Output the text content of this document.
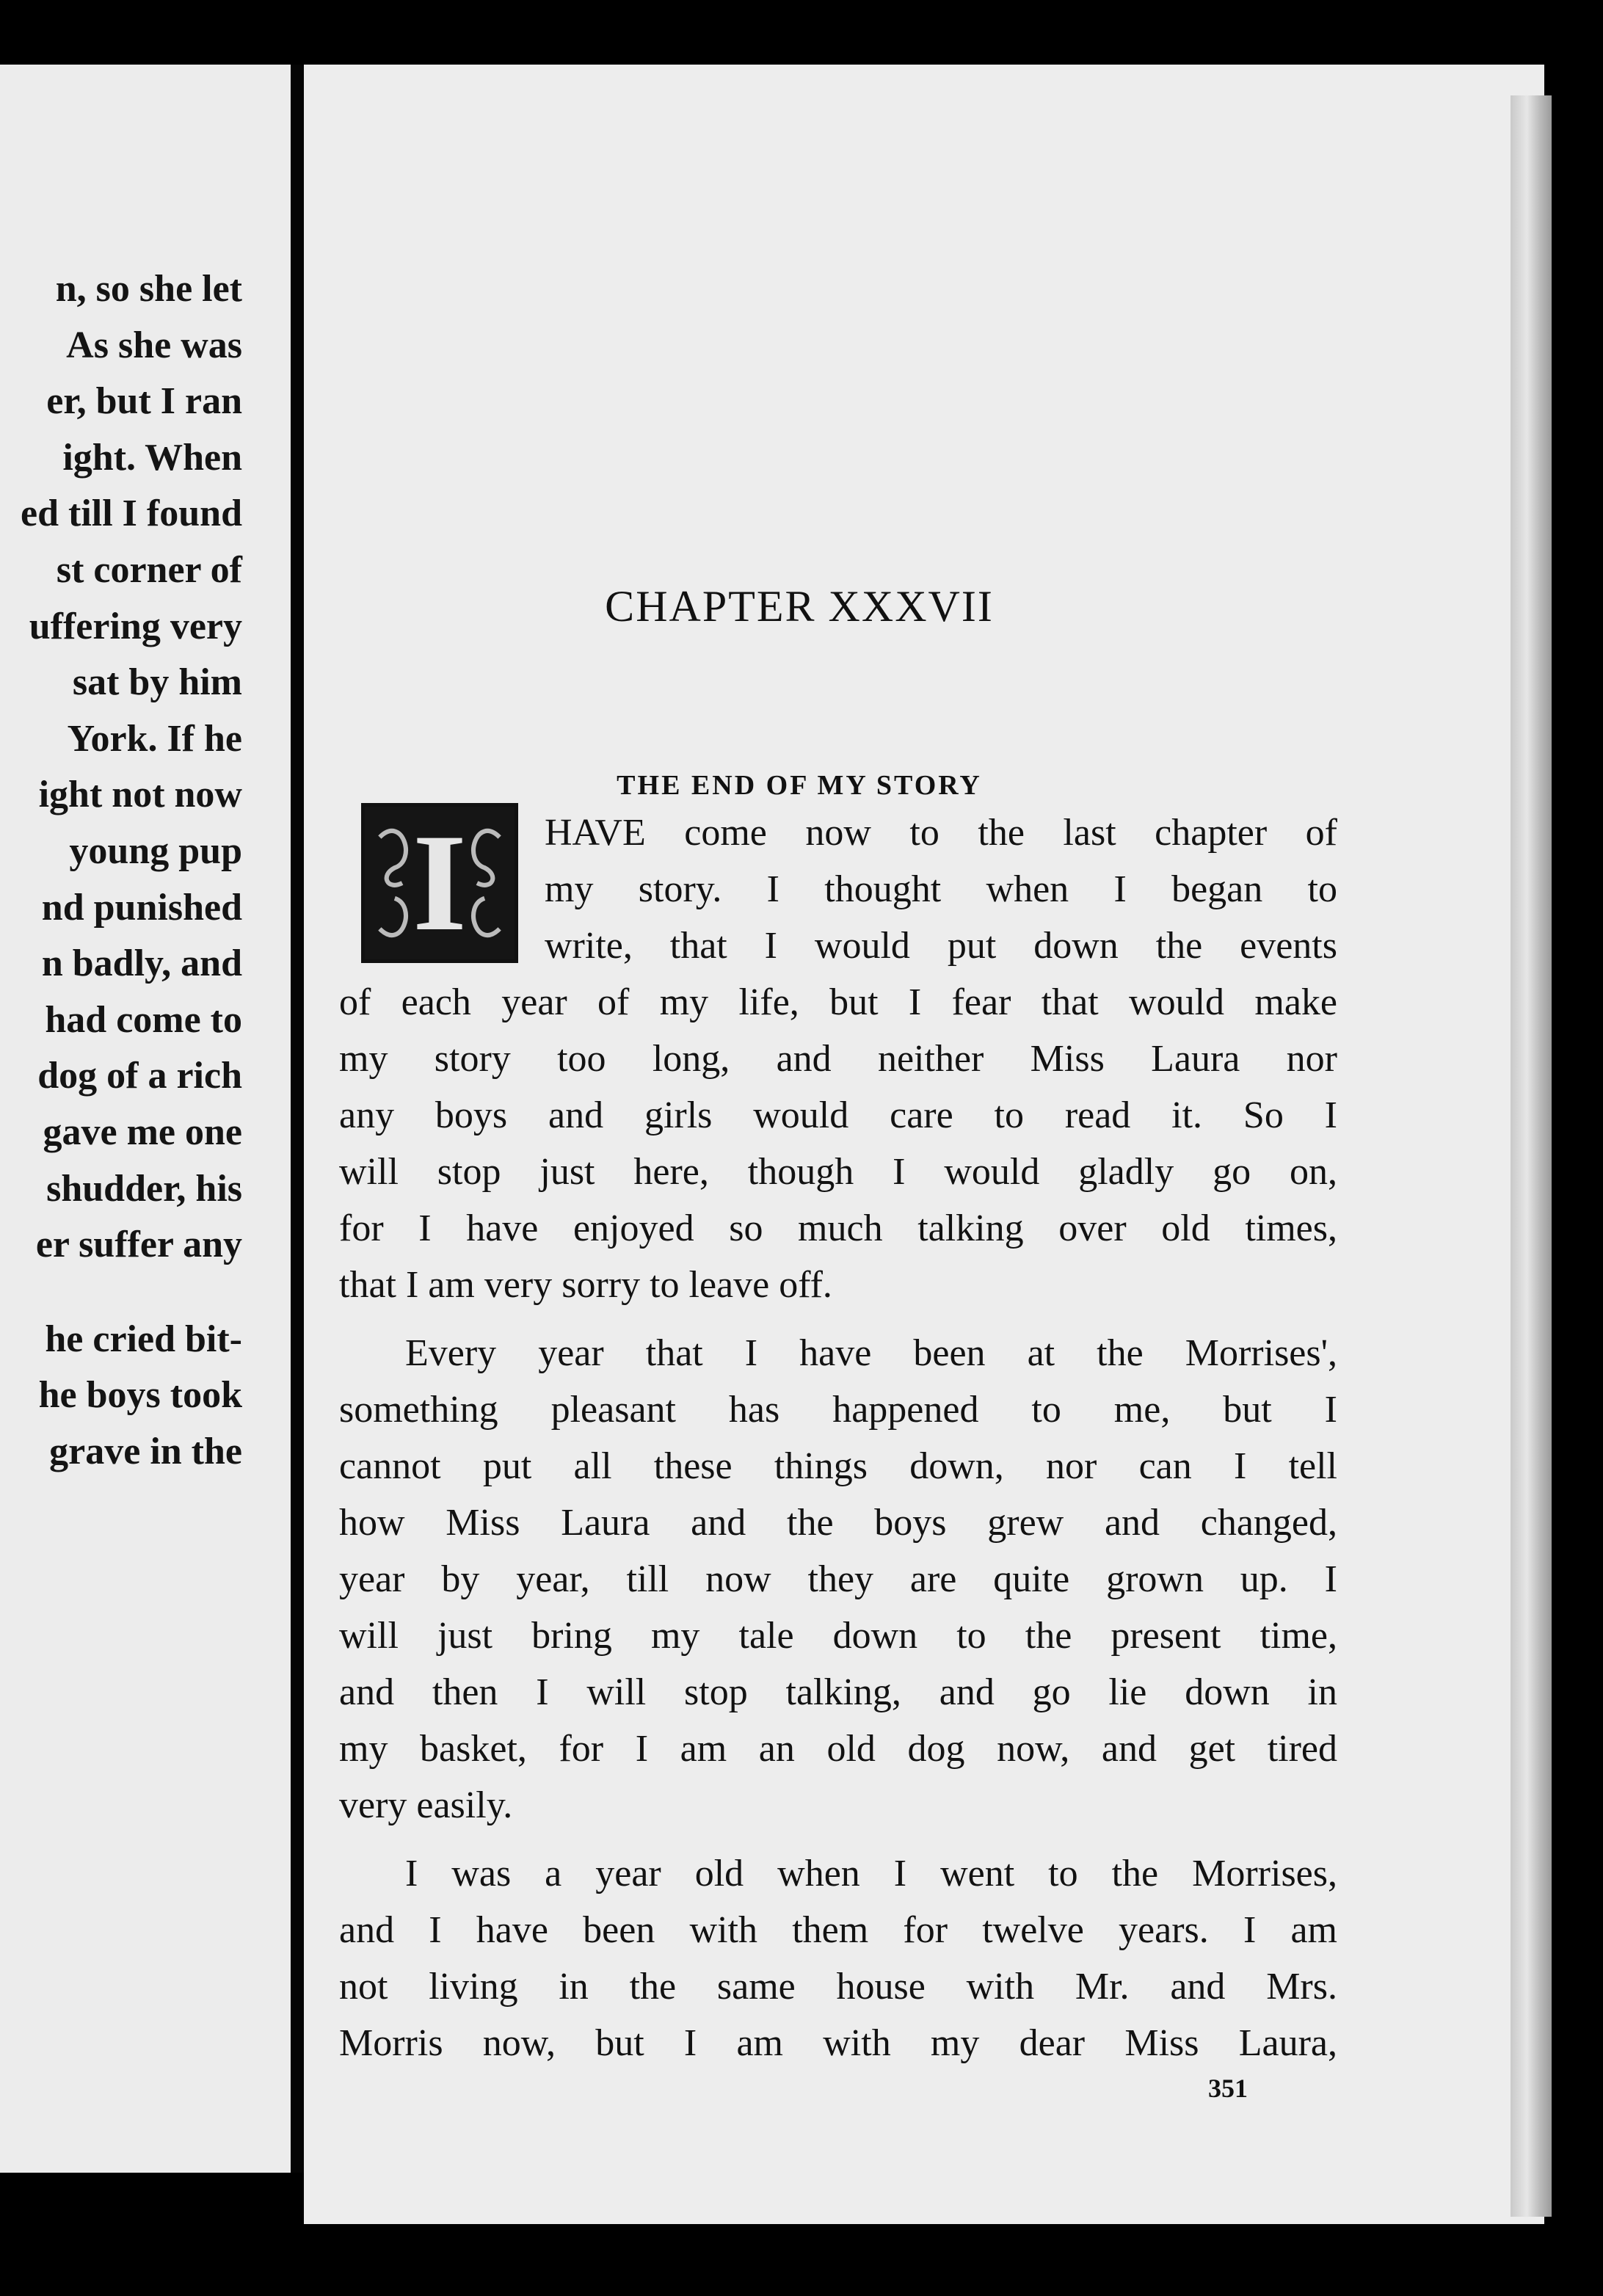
n, so she let
As she was
er, but I ran
ight. When
ed till I found
st corner of
uffering very
sat by him
York. If he
ight not now
young pup
nd punished
n badly, and
had come to
dog of a rich
gave me one
shudder, his
er suffer any
he cried bit-
he boys took
grave in the
CHAPTER XXXVII
THE END OF MY STORY
I	HAVE come now to the last chapter of
my story. I thought when I began to
write, that I would put down the events
of each year of my life, but I fear that would make
my story too long, and neither Miss Laura nor
any boys and girls would care to read it. So I
will stop just here, though I would gladly go on,
for I have enjoyed so much talking over old times,
that I am very sorry to leave off.
Every year that I have been at the Morrises',
something pleasant has happened to me, but I
cannot put all these things down, nor can I tell
how Miss Laura and the boys grew and changed,
year by year, till now they are quite grown up. I
will just bring my tale down to the present time,
and then I will stop talking, and go lie down in
my basket, for I am an old dog now, and get tired
very easily.
I was a year old when I went to the Morrises,
and I have been with them for twelve years. I am
not living in the same house with Mr. and Mrs.
Morris now, but I am with my dear Miss Laura,
351
